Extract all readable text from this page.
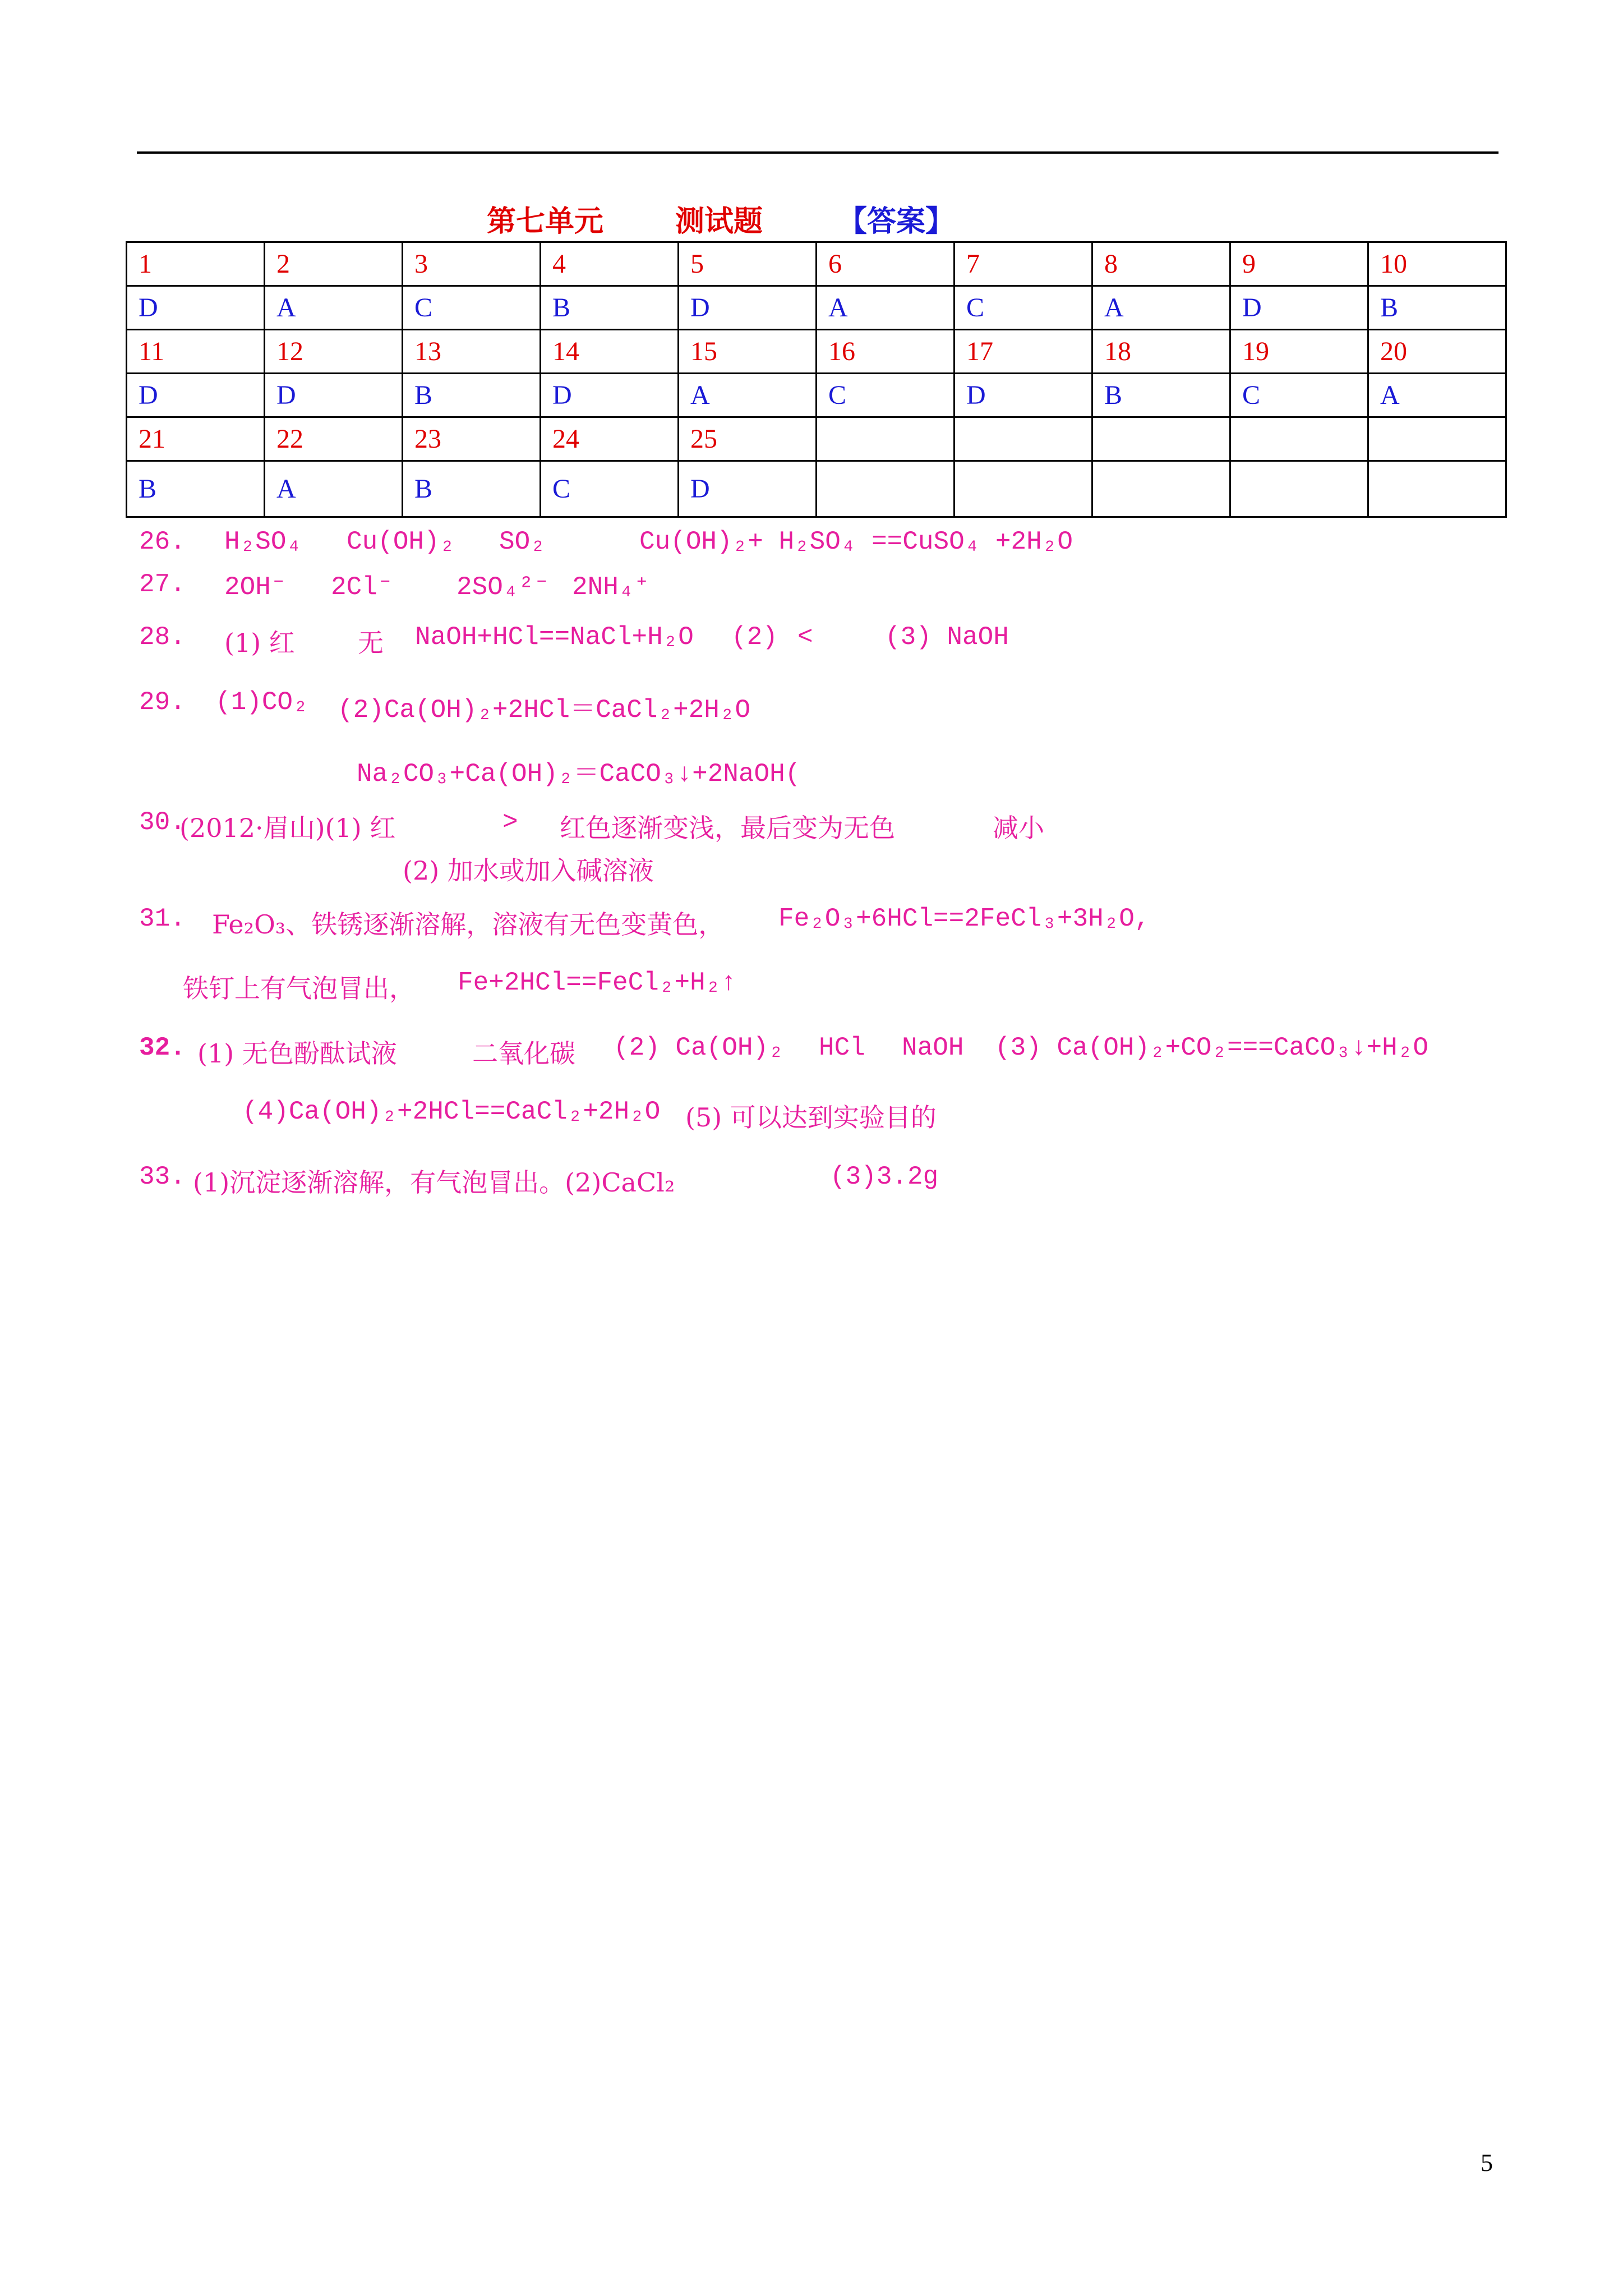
第七单元 测试题	【答案】
1	2	3	4	5	6	7	8	9	10
D	A	C	B	D	A	C	A	D	B
11	12	13	14	15	16	17	18	19	20
D	D	B	D	A	C	D	B	C	A
21	22	23	24	25					
B	A	B	C	D					
26. H₂SO₄ Cu(OH)₂ SO₂	Cu(OH)₂+ H₂SO₄ ==CuSO₄ +2H₂O
27. 2OH⁻ 2Cl⁻ 2SO₄²⁻ 2NH₄⁺
28. (1) 红 无 NaOH+HCl==NaCl+H₂O (2) <	(3) NaOH
29. (1)CO₂ (2)Ca(OH)₂+2HCl＝CaCl₂+2H₂O
Na₂CO₃+Ca(OH)₂＝CaCO₃↓+2NaOH(
30.
(2012·眉山)(1) 红	> 红色逐渐变浅，最后变为无色	减小
(2) 加水或加入碱溶液
31. Fe₂O₃、铁锈逐渐溶解，溶液有无色变黄色， Fe₂O₃+6HCl==2FeCl₃+3H₂O,
铁钉上有气泡冒出， Fe+2HCl==FeCl₂+H₂↑
32. (1) 无色酚酞试液	二氧化碳 (2) Ca(OH)₂ HCl NaOH (3) Ca(OH)₂+CO₂===CaCO₃↓+H₂O
(4)Ca(OH)₂+2HCl==CaCl₂+2H₂O (5) 可以达到实验目的
33. (1)沉淀逐渐溶解，有气泡冒出。(2)CaCl₂	(3)3.2g
5
